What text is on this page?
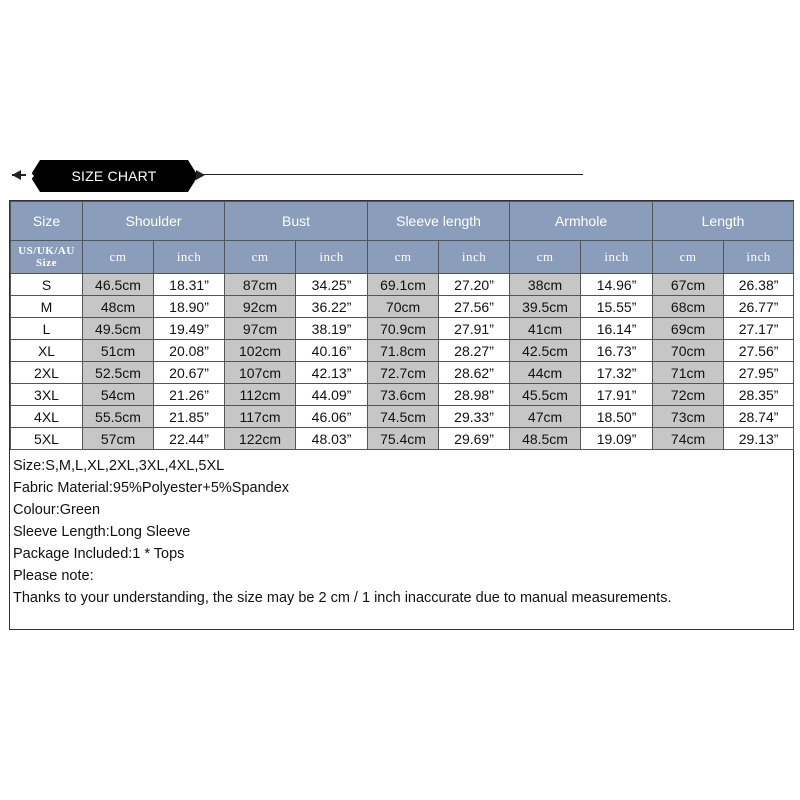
SIZE CHART
Size	Shoulder		Bust		Sleeve length		Armhole		Length	
US/UK/AU
Size	cm	inch	cm	inch	cm	inch	cm	inch	cm	inch
S	46.5cm	18.31”	87cm	34.25”	69.1cm	27.20”	38cm	14.96”	67cm	26.38”
M	48cm	18.90”	92cm	36.22”	70cm	27.56”	39.5cm	15.55”	68cm	26.77”
L	49.5cm	19.49”	97cm	38.19”	70.9cm	27.91”	41cm	16.14”	69cm	27.17”
XL	51cm	20.08”	102cm	40.16”	71.8cm	28.27”	42.5cm	16.73”	70cm	27.56”
2XL	52.5cm	20.67”	107cm	42.13”	72.7cm	28.62”	44cm	17.32”	71cm	27.95”
3XL	54cm	21.26”	112cm	44.09”	73.6cm	28.98”	45.5cm	17.91”	72cm	28.35”
4XL	55.5cm	21.85”	117cm	46.06”	74.5cm	29.33”	47cm	18.50”	73cm	28.74”
5XL	57cm	22.44”	122cm	48.03”	75.4cm	29.69”	48.5cm	19.09”	74cm	29.13”
Size:S,M,L,XL,2XL,3XL,4XL,5XL
Fabric Material:95%Polyester+5%Spandex
Colour:Green
Sleeve Length:Long Sleeve
Package Included:1 * Tops
Please note:
Thanks to your understanding, the size may be 2 cm / 1 inch inaccurate due to manual measurements.
